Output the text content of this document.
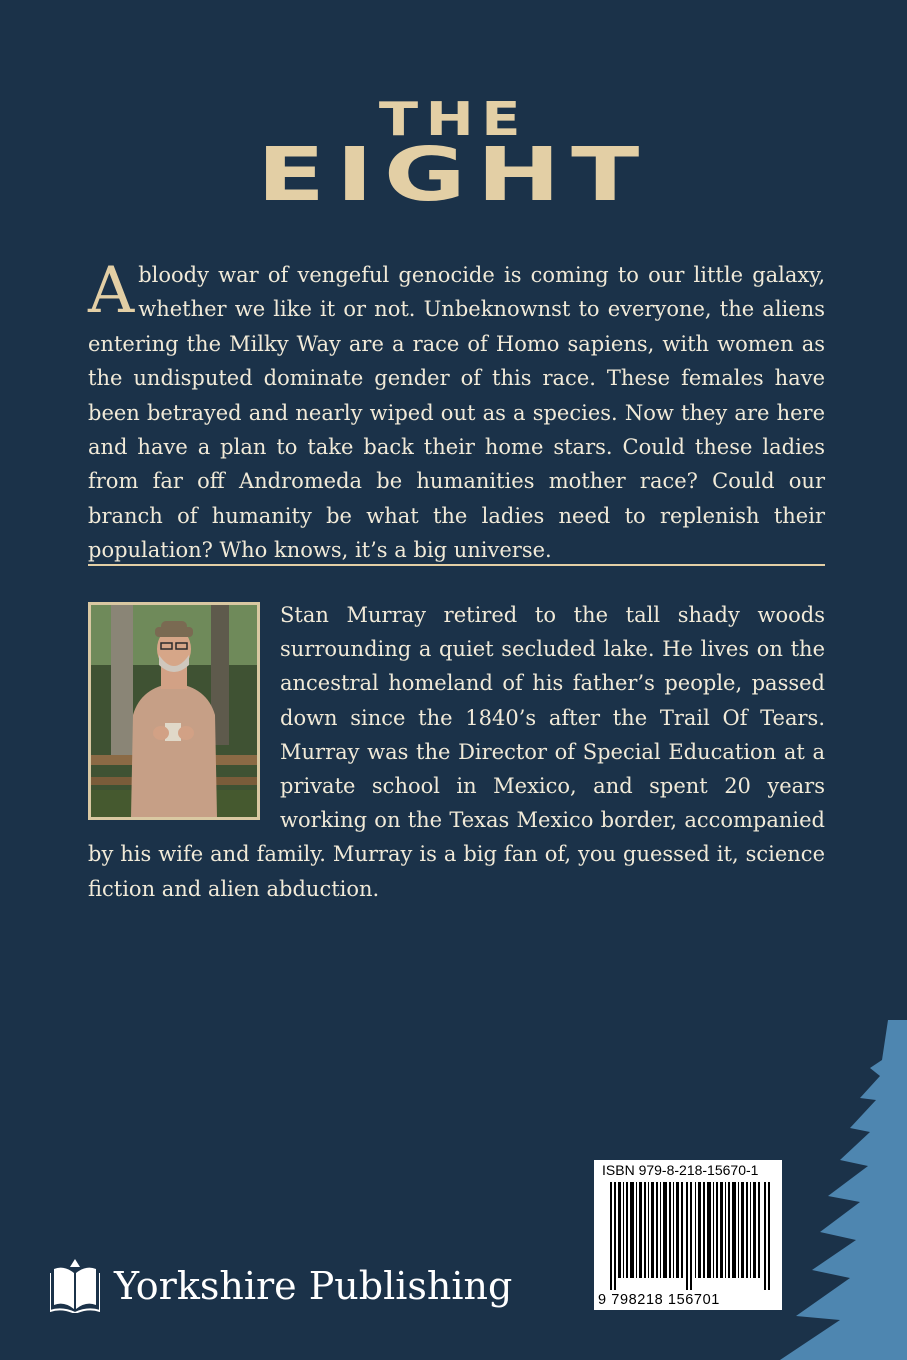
THE
EIGHT

Abloody war of vengeful genocide is coming to our little galaxy, whether we like it or not. Unbeknownst to everyone, the aliens entering the Milky Way are a race of Homo sapiens, with women as the undisputed dominate gender of this race. These females have been betrayed and nearly wiped out as a species. Now they are here and have a plan to take back their home stars. Could these ladies from far off Andromeda be humanities mother race? Could our branch of humanity be what the ladies need to replenish their population? Who knows, it’s a big universe.

Stan Murray retired to the tall shady woods surrounding a quiet secluded lake. He lives on the ancestral homeland of his father’s people, passed down since the 1840’s after the Trail Of Tears. Murray was the Director of Special Education at a private school in Mexico, and spent 20 years working on the Texas Mexico border, accompanied by his wife and family. Murray is a big fan of, you guessed it, science fiction and alien abduction.

ISBN 979-8-218-15670-1
9 798218 156701
Yorkshire Publishing
